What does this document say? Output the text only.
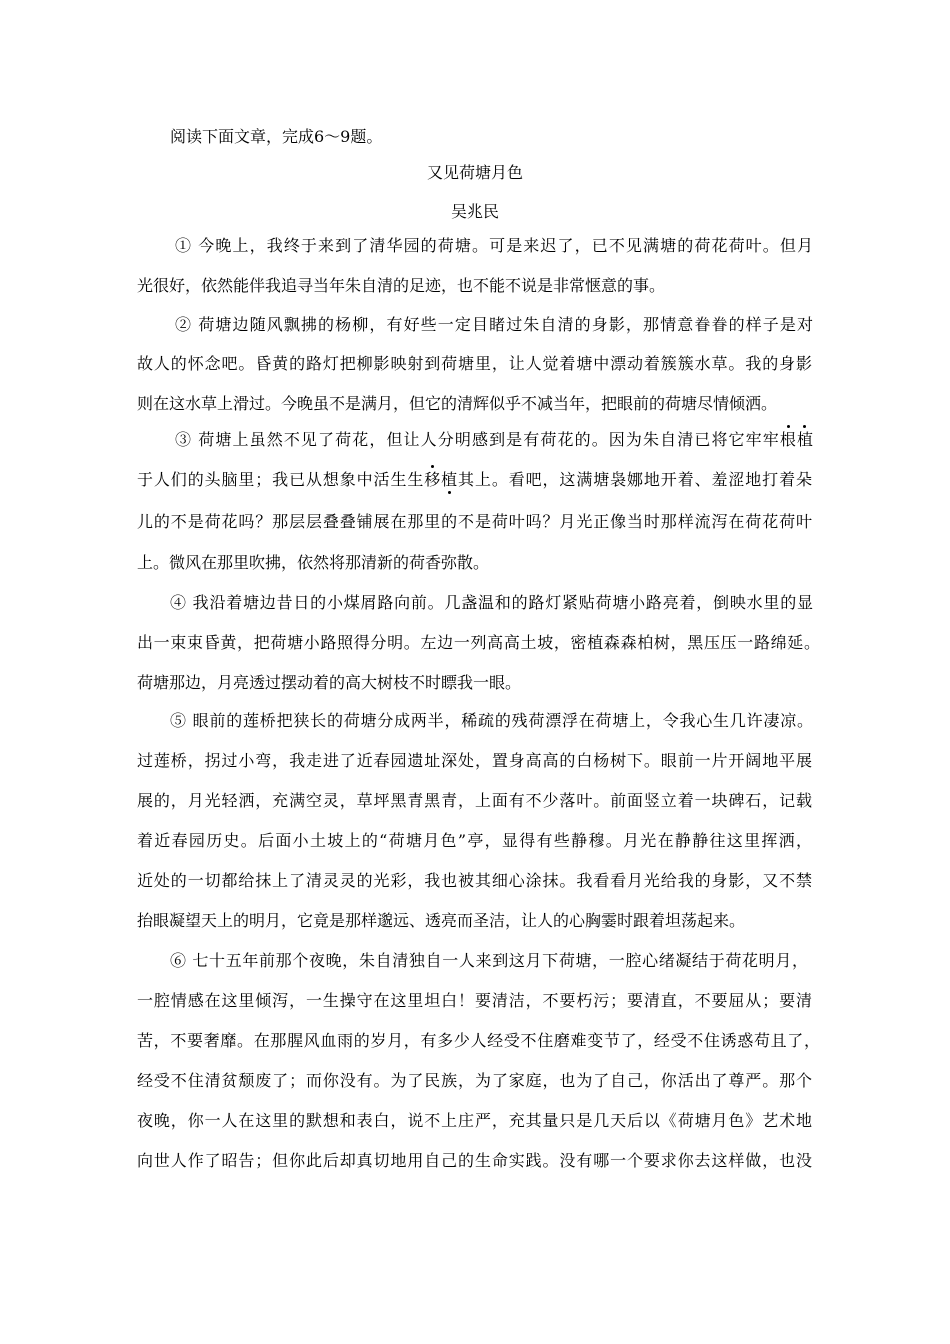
阅读下面文章，完成6～9题。
又见荷塘月色
吴兆民
① 今晚上，我终于来到了清华园的荷塘。可是来迟了，已不见满塘的荷花荷叶。但月
光很好，依然能伴我追寻当年朱自清的足迹，也不能不说是非常惬意的事。
② 荷塘边随风飘拂的杨柳，有好些一定目睹过朱自清的身影，那情意眷眷的样子是对
故人的怀念吧。昏黄的路灯把柳影映射到荷塘里，让人觉着塘中漂动着簇簇水草。我的身影
则在这水草上滑过。今晚虽不是满月，但它的清辉似乎不减当年，把眼前的荷塘尽情倾洒。
③ 荷塘上虽然不见了荷花，但让人分明感到是有荷花的。因为朱自清已将它牢牢根植
于人们的头脑里；我已从想象中活生生移植其上。看吧，这满塘袅娜地开着、羞涩地打着朵
儿的不是荷花吗？那层层叠叠铺展在那里的不是荷叶吗？月光正像当时那样流泻在荷花荷叶
上。微风在那里吹拂，依然将那清新的荷香弥散。
④ 我沿着塘边昔日的小煤屑路向前。几盏温和的路灯紧贴荷塘小路亮着，倒映水里的显
出一束束昏黄，把荷塘小路照得分明。左边一列高高土坡，密植森森柏树，黑压压一路绵延。
荷塘那边，月亮透过摆动着的高大树枝不时瞟我一眼。
⑤ 眼前的莲桥把狭长的荷塘分成两半，稀疏的残荷漂浮在荷塘上，令我心生几许凄凉。
过莲桥，拐过小弯，我走进了近春园遗址深处，置身高高的白杨树下。眼前一片开阔地平展
展的，月光轻洒，充满空灵，草坪黑青黑青，上面有不少落叶。前面竖立着一块碑石，记载
着近春园历史。后面小土坡上的“荷塘月色”亭，显得有些静穆。月光在静静往这里挥洒，
近处的一切都给抹上了清灵灵的光彩，我也被其细心涂抹。我看看月光给我的身影，又不禁
抬眼凝望天上的明月，它竟是那样邈远、透亮而圣洁，让人的心胸霎时跟着坦荡起来。
⑥ 七十五年前那个夜晚，朱自清独自一人来到这月下荷塘，一腔心绪凝结于荷花明月，
一腔情感在这里倾泻，一生操守在这里坦白！要清洁，不要朽污；要清直，不要屈从；要清
苦，不要奢靡。在那腥风血雨的岁月，有多少人经受不住磨难变节了，经受不住诱惑苟且了，
经受不住清贫颓废了；而你没有。为了民族，为了家庭，也为了自己，你活出了尊严。那个
夜晚，你一人在这里的默想和表白，说不上庄严，充其量只是几天后以《荷塘月色》艺术地
向世人作了昭告；但你此后却真切地用自己的生命实践。没有哪一个要求你去这样做，也没
